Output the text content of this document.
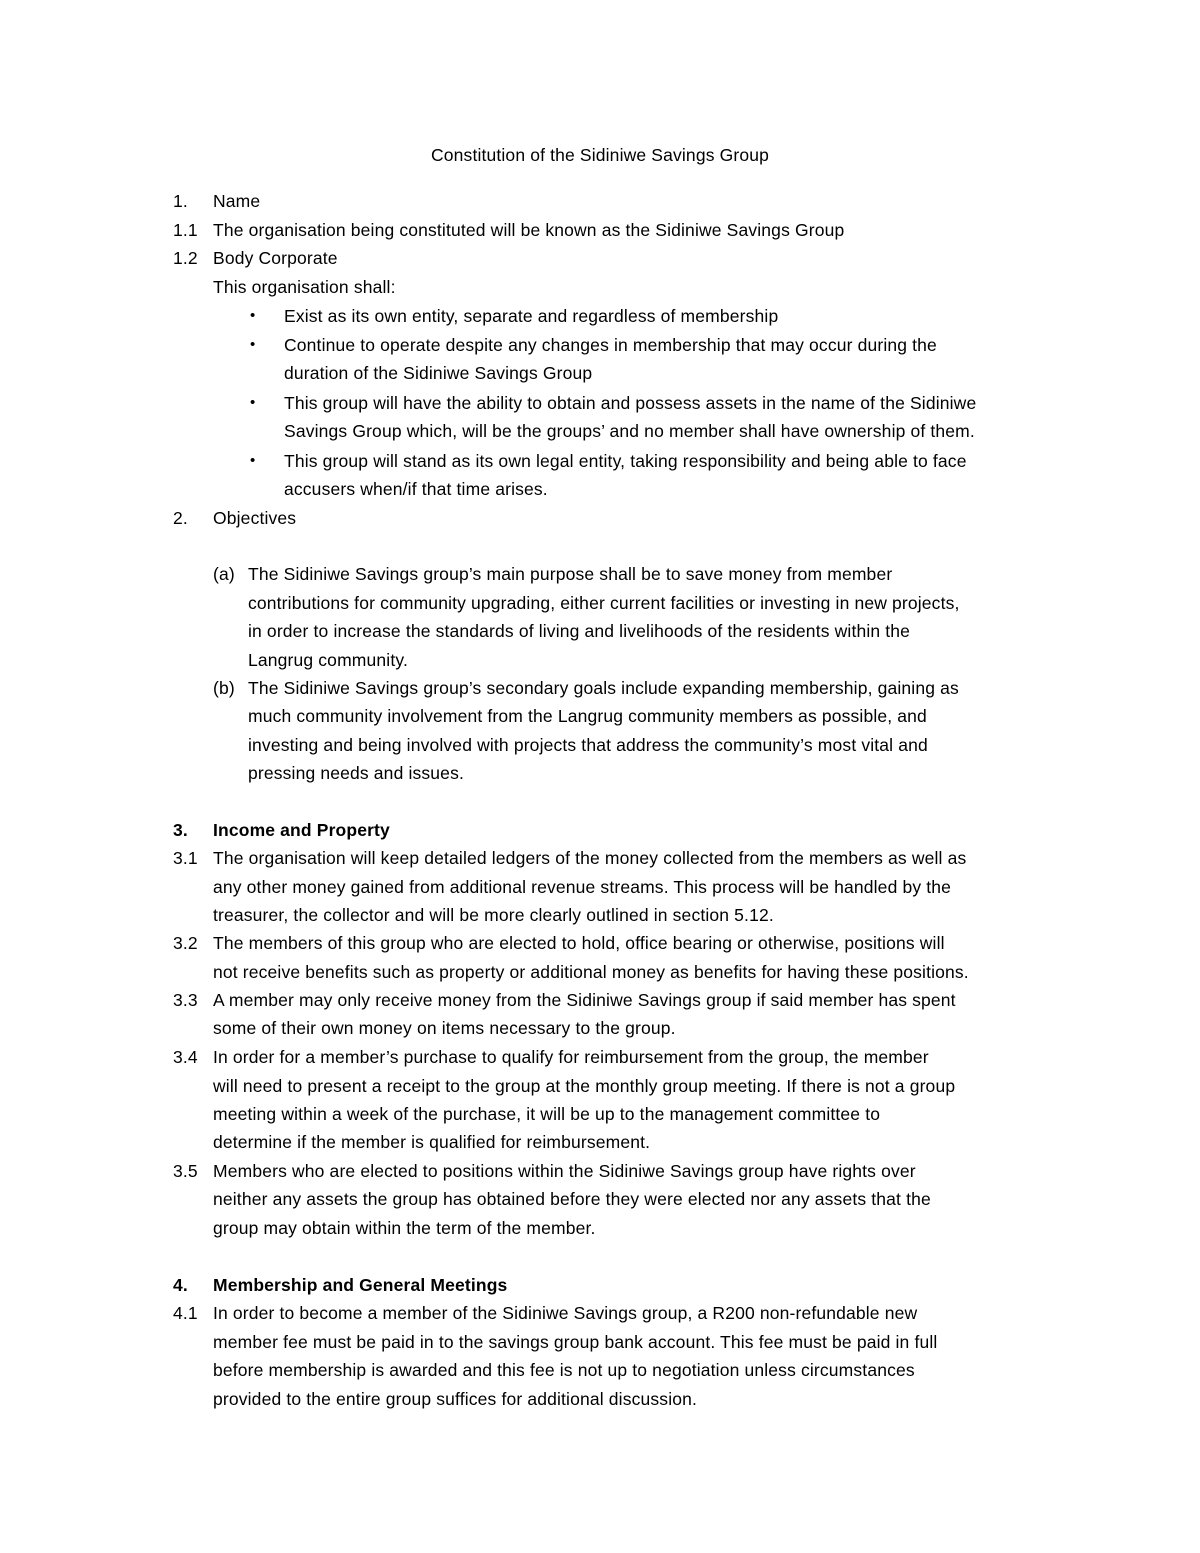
Constitution of the Sidiniwe Savings Group
1. Name
1.1 The organisation being constituted will be known as the Sidiniwe Savings Group
1.2 Body Corporate
This organisation shall:
• Exist as its own entity, separate and regardless of membership
• Continue to operate despite any changes in membership that may occur during the
duration of the Sidiniwe Savings Group
• This group will have the ability to obtain and possess assets in the name of the Sidiniwe
Savings Group which, will be the groups’ and no member shall have ownership of them.
• This group will stand as its own legal entity, taking responsibility and being able to face
accusers when/if that time arises.
2. Objectives
(a) The Sidiniwe Savings group’s main purpose shall be to save money from member
contributions for community upgrading, either current facilities or investing in new projects,
in order to increase the standards of living and livelihoods of the residents within the
Langrug community.
(b) The Sidiniwe Savings group’s secondary goals include expanding membership, gaining as
much community involvement from the Langrug community members as possible, and
investing and being involved with projects that address the community’s most vital and
pressing needs and issues.
3. Income and Property
3.1 The organisation will keep detailed ledgers of the money collected from the members as well as
any other money gained from additional revenue streams. This process will be handled by the
treasurer, the collector and will be more clearly outlined in section 5.12.
3.2 The members of this group who are elected to hold, office bearing or otherwise, positions will
not receive benefits such as property or additional money as benefits for having these positions.
3.3 A member may only receive money from the Sidiniwe Savings group if said member has spent
some of their own money on items necessary to the group.
3.4 In order for a member’s purchase to qualify for reimbursement from the group, the member
will need to present a receipt to the group at the monthly group meeting. If there is not a group
meeting within a week of the purchase, it will be up to the management committee to
determine if the member is qualified for reimbursement.
3.5 Members who are elected to positions within the Sidiniwe Savings group have rights over
neither any assets the group has obtained before they were elected nor any assets that the
group may obtain within the term of the member.
4. Membership and General Meetings
4.1 In order to become a member of the Sidiniwe Savings group, a R200 non-refundable new
member fee must be paid in to the savings group bank account. This fee must be paid in full
before membership is awarded and this fee is not up to negotiation unless circumstances
provided to the entire group suffices for additional discussion.
